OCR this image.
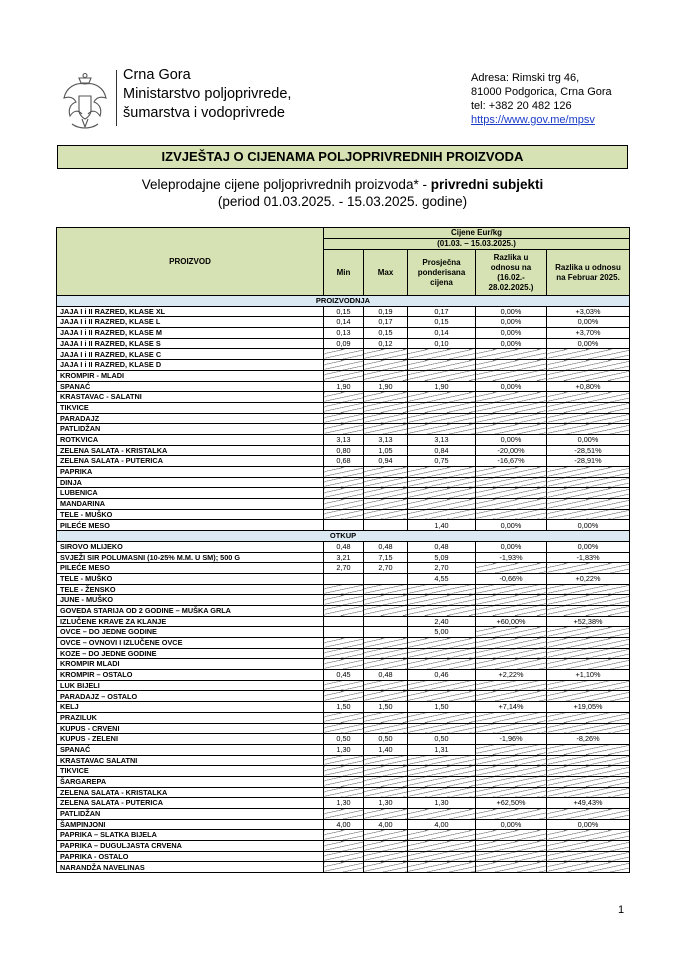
Crna Gora
Ministarstvo poljoprivrede,
šumarstva i vodoprivrede
Adresa: Rimski trg 46,
81000 Podgorica, Crna Gora
tel: +382 20 482 126
https://www.gov.me/mpsv
IZVJEŠTAJ O CIJENAMA POLJOPRIVREDNIH PROIZVODA
Veleprodajne cijene poljoprivrednih proizvoda* - privredni subjekti
(period 01.03.2025. - 15.03.2025. godine)
PROIZVOD	Cijene Eur/kg				
	(01.03. – 15.03.2025.)				
	Min	Max	Prosječna ponderisana cijena	Razlika u odnosu na (16.02.- 28.02.2025.)	Razlika u odnosu na Februar 2025.
PROIZVODNJA					
JAJA I i II RAZRED, KLASE XL	0,15	0,19	0,17	0,00%	+3,03%
JAJA I i II RAZRED, KLASE L	0,14	0,17	0,15	0,00%	0,00%
JAJA I i II RAZRED, KLASE M	0,13	0,15	0,14	0,00%	+3,70%
JAJA I i II RAZRED, KLASE S	0,09	0,12	0,10	0,00%	0,00%
JAJA I i II RAZRED, KLASE C					
JAJA I i II RAZRED, KLASE D					
KROMPIR - MLADI					
SPANAĆ	1,90	1,90	1,90	0,00%	+0,80%
KRASTAVAC - SALATNI					
TIKVICE					
PARADAJZ					
PATLIDŽAN					
ROTKVICA	3,13	3,13	3,13	0,00%	0,00%
ZELENA SALATA - KRISTALKA	0,80	1,05	0,84	-20,00%	-28,51%
ZELENA SALATA - PUTERICA	0,68	0,94	0,75	-16,67%	-28,91%
PAPRIKA					
DINJA					
LUBENICA					
MANDARINA					
TELE - MUŠKO					
PILEĆE MESO			1,40	0,00%	0,00%
OTKUP					
SIROVO MLIJEKO	0,48	0,48	0,48	0,00%	0,00%
SVJEŽI SIR POLUMASNI (10-25% M.M. U SM); 500 G	3,21	7,15	5,09	-1,93%	-1,83%
PILEĆE MESO	2,70	2,70	2,70		
TELE - MUŠKO			4,55	-0,66%	+0,22%
TELE - ŽENSKO					
JUNE - MUŠKO					
GOVEDA STARIJA OD 2 GODINE – MUŠKA GRLA					
IZLUČENE KRAVE ZA KLANJE			2,40	+60,00%	+52,38%
OVCE – DO JEDNE GODINE			5,00		
OVCE – OVNOVI I IZLUČENE OVCE					
KOZE – DO JEDNE GODINE					
KROMPIR MLADI					
KROMPIR – OSTALO	0,45	0,48	0,46	+2,22%	+1,10%
LUK BIJELI					
PARADAJZ – OSTALO					
KELJ	1,50	1,50	1,50	+7,14%	+19,05%
PRAZILUK					
KUPUS - CRVENI					
KUPUS - ZELENI	0,50	0,50	0,50	-1,96%	-8,26%
SPANAĆ	1,30	1,40	1,31		
KRASTAVAC SALATNI					
TIKVICE					
ŠARGAREPA					
ZELENA SALATA - KRISTALKA					
ZELENA SALATA - PUTERICA	1,30	1,30	1,30	+62,50%	+49,43%
PATLIDŽAN					
ŠAMPINJONI	4,00	4,00	4,00	0,00%	0,00%
PAPRIKA – SLATKA BIJELA					
PAPRIKA – DUGULJASTA CRVENA					
PAPRIKA - OSTALO					
NARANDŽA NAVELINAS					
1
